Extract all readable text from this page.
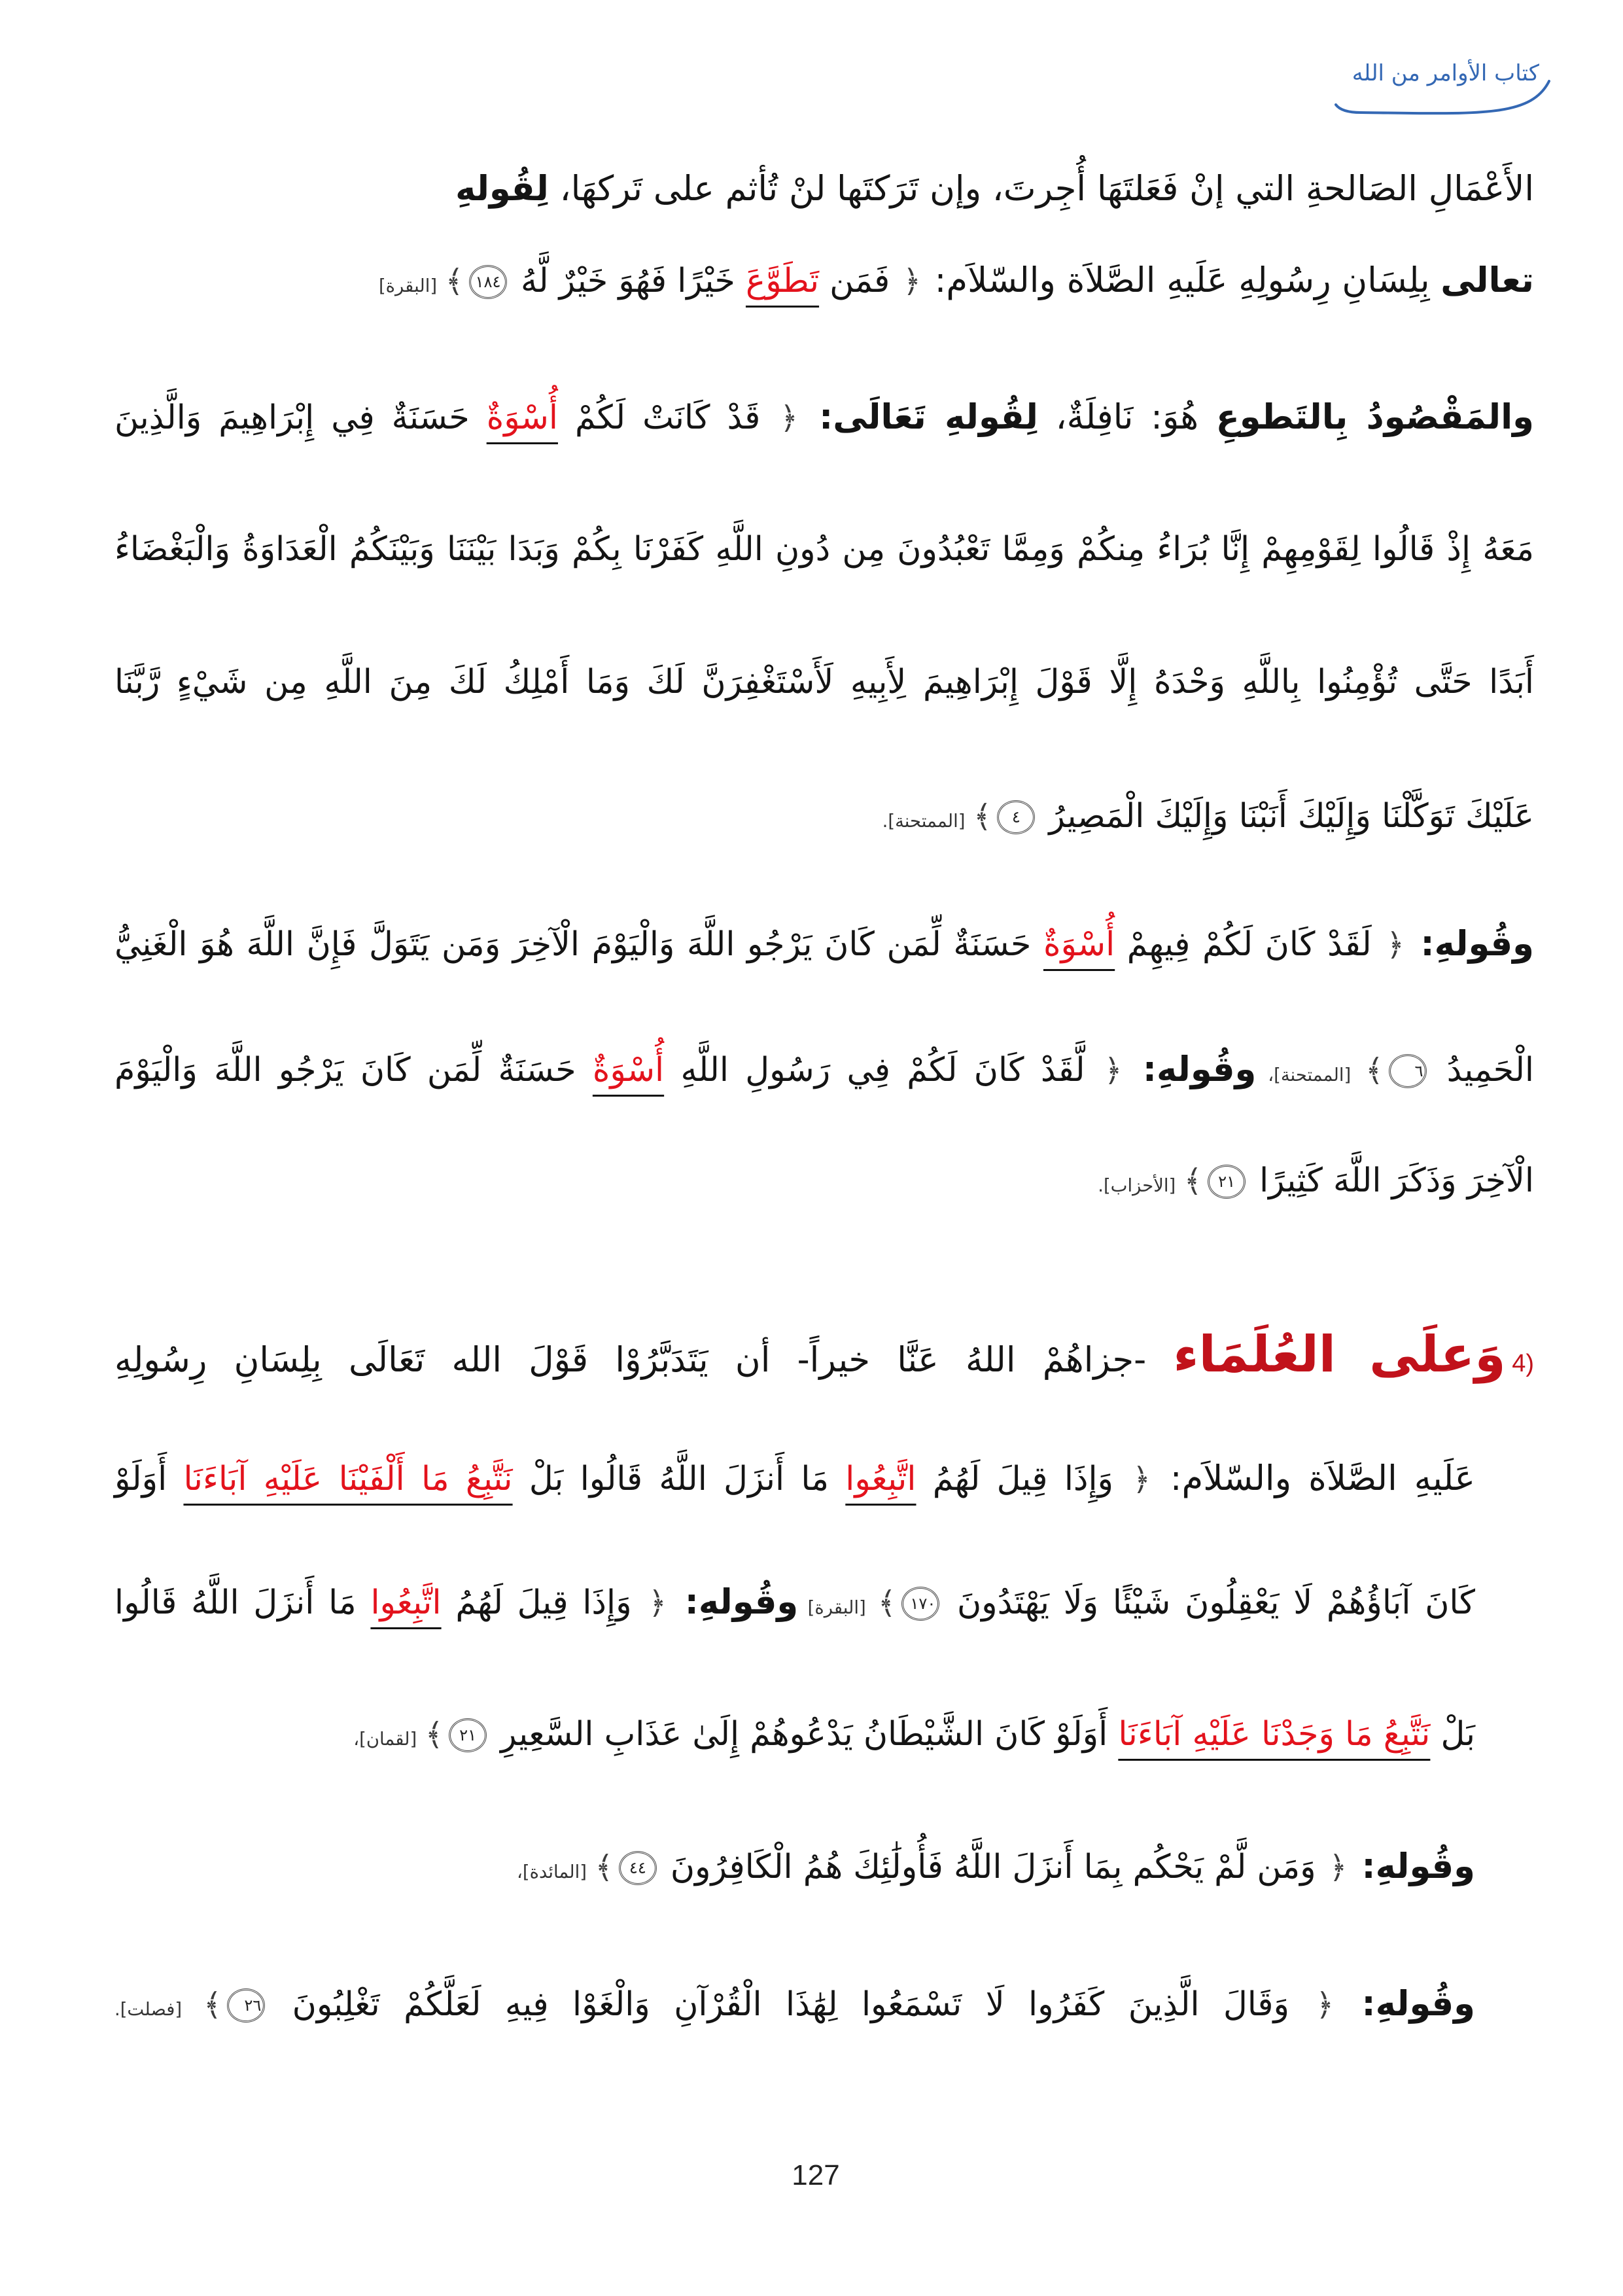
كتاب الأوامر من الله
الأَعْمَالِ الصَالحةِ التي إنْ فَعَلتَهَا أُجِرتَ، وإن تَرَكتَها لنْ تُأثم على تَركهَا، لِقُولهِ
تعالى بِلِسَانِ رِسُولِهِ عَلَيهِ الصَّلاَة والسّلاَم: ﴿ فَمَن تَطَوَّعَ خَيْرًا فَهُوَ خَيْرٌ لَّهُ ١٨٤﴾ [البقرة]
والمَقْصُودُ بِالتَطوعِ هُوَ: نَافِلَةٌ، لِقُولهِ تَعَالَى: ﴿ قَدْ كَانَتْ لَكُمْ أُسْوَةٌ حَسَنَةٌ فِي إِبْرَاهِيمَ وَالَّذِينَ
مَعَهُ إِذْ قَالُوا لِقَوْمِهِمْ إِنَّا بُرَاءُ مِنكُمْ وَمِمَّا تَعْبُدُونَ مِن دُونِ اللَّهِ كَفَرْنَا بِكُمْ وَبَدَا بَيْنَنَا وَبَيْنَكُمُ الْعَدَاوَةُ وَالْبَغْضَاءُ
أَبَدًا حَتَّى تُؤْمِنُوا بِاللَّهِ وَحْدَهُ إِلَّا قَوْلَ إِبْرَاهِيمَ لِأَبِيهِ لَأَسْتَغْفِرَنَّ لَكَ وَمَا أَمْلِكُ لَكَ مِنَ اللَّهِ مِن شَيْءٍ رَّبَّنَا
عَلَيْكَ تَوَكَّلْنَا وَإِلَيْكَ أَنَبْنَا وَإِلَيْكَ الْمَصِيرُ ٤﴾ [الممتحنة].
وقُولهِ: ﴿ لَقَدْ كَانَ لَكُمْ فِيهِمْ أُسْوَةٌ حَسَنَةٌ لِّمَن كَانَ يَرْجُو اللَّهَ وَالْيَوْمَ الْآخِرَ وَمَن يَتَوَلَّ فَإِنَّ اللَّهَ هُوَ الْغَنِيُّ
الْحَمِيدُ ٦﴾ [الممتحنة]، وقُولهِ: ﴿ لَّقَدْ كَانَ لَكُمْ فِي رَسُولِ اللَّهِ أُسْوَةٌ حَسَنَةٌ لِّمَن كَانَ يَرْجُو اللَّهَ وَالْيَوْمَ
الْآخِرَ وَذَكَرَ اللَّهَ كَثِيرًا ٢١﴾ [الأحزاب].
4)وَعلَى العُلَمَاء -جزاهُمْ اللهُ عَنَّا خيراً- أن يَتَدَبَّرُوْا قَوْلَ الله تَعَالَى بِلِسَانِ رِسُولِهِ
عَلَيهِ الصَّلاَة والسّلاَم: ﴿ وَإِذَا قِيلَ لَهُمُ اتَّبِعُوا مَا أَنزَلَ اللَّهُ قَالُوا بَلْ نَتَّبِعُ مَا أَلْفَيْنَا عَلَيْهِ آبَاءَنَا أَوَلَوْ
كَانَ آبَاؤُهُمْ لَا يَعْقِلُونَ شَيْئًا وَلَا يَهْتَدُونَ ١٧٠﴾ [البقرة] وقُولهِ: ﴿ وَإِذَا قِيلَ لَهُمُ اتَّبِعُوا مَا أَنزَلَ اللَّهُ قَالُوا
بَلْ نَتَّبِعُ مَا وَجَدْنَا عَلَيْهِ آبَاءَنَا أَوَلَوْ كَانَ الشَّيْطَانُ يَدْعُوهُمْ إِلَىٰ عَذَابِ السَّعِيرِ ٢١﴾ [لقمان]،
وقُولهِ: ﴿ وَمَن لَّمْ يَحْكُم بِمَا أَنزَلَ اللَّهُ فَأُولَٰئِكَ هُمُ الْكَافِرُونَ ٤٤﴾ [المائدة]،
وقُولهِ: ﴿ وَقَالَ الَّذِينَ كَفَرُوا لَا تَسْمَعُوا لِهَٰذَا الْقُرْآنِ وَالْغَوْا فِيهِ لَعَلَّكُمْ تَغْلِبُونَ ٢٦﴾ [فصلت].
127
